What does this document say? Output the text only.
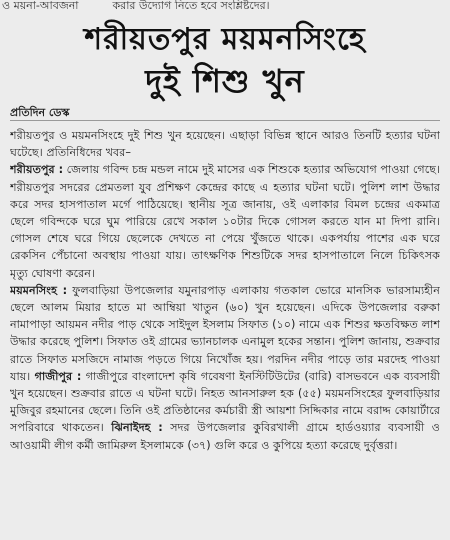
ও ময়না-আবজনা	করার উদ্যোগ নিতে হবে সংশ্লিষ্টদের।
শরীয়তপুর ময়মনসিংহে
দুই শিশু খুন
প্রতিদিন ডেস্ক

শরীয়তপুর ও ময়মনসিংহে দুই শিশু খুন হয়েছেন। এছাড়া বিভিন্ন স্থানে আরও তিনটি হত্যার ঘটনা ঘটেছে। প্রতিনিধিদের খবর–

শরীয়তপুর : জেলায় গবিন্দ চন্দ্র মন্ডল নামে দুই মাসের এক শিশুকে হত্যার অভিযোগ পাওয়া গেছে। শরীয়তপুর সদরের প্রেমতলা যুব প্রশিক্ষণ কেন্দ্রের কাছে এ হত্যার ঘটনা ঘটে। পুলিশ লাশ উদ্ধার করে সদর হাসপাতাল মর্গে পাঠিয়েছে। স্থানীয় সূত্র জানায়, ওই এলাকার বিমল চন্দ্রের একমাত্র ছেলে গবিন্দকে ঘরে ঘুম পারিয়ে রেখে সকাল ১০টার দিকে গোসল করতে যান মা দিপা রানি। গোসল শেষে ঘরে গিয়ে ছেলেকে দেখতে না পেয়ে খুঁজতে থাকে। একপর্যায় পাশের এক ঘরে রেকসিন পেঁচানো অবস্থায় পাওয়া যায়। তাৎক্ষণিক শিশুটিকে সদর হাসপাতালে নিলে চিকিৎসক মৃত্যু ঘোষণা করেন।

ময়মনসিংহ : ফুলবাড়িয়া উপজেলার যমুনারপাড় এলাকায় গতকাল ভোরে মানসিক ভারসাম্যহীন ছেলে আলম মিয়ার হাতে মা আম্বিয়া খাতুন (৬০) খুন হয়েছেন। এদিকে উপজেলার বরুকা নামাপাড়া আয়মন নদীর পাড় থেকে সাইদুল ইসলাম সিফাত (১০) নামে এক শিশুর ক্ষতবিক্ষত লাশ উদ্ধার করেছে পুলিশ। সিফাত ওই গ্রামের ভ্যানচালক এনামুল হকের সন্তান। পুলিশ জানায়, শুক্রবার রাতে সিফাত মসজিদে নামাজ পড়তে গিয়ে নিখোঁজ হয়। পরদিন নদীর পাড়ে তার মরদেহ পাওয়া যায়। গাজীপুর : গাজীপুরে বাংলাদেশ কৃষি গবেষণা ইনস্টিটিউটের (বারি) বাসভবনে এক ব্যবসায়ী খুন হয়েছেন। শুক্রবার রাতে এ ঘটনা ঘটে। নিহত আনসারুল হক (৫৫) ময়মনসিংহের ফুলবাড়িয়ার মুজিবুর রহমানের ছেলে। তিনি ওই প্রতিষ্ঠানের কর্মচারী স্ত্রী আয়শা সিদ্দিকার নামে বরাদ্দ কোয়ার্টারে সপরিবারে থাকতেন। ঝিনাইদহ : সদর উপজেলার কুবিরখালী গ্রামে হার্ডওয়্যার ব্যবসায়ী ও আওয়ামী লীগ কর্মী জামিরুল ইসলামকে (৩৭) গুলি করে ও কুপিয়ে হত্যা করেছে দুর্বৃত্তরা।
